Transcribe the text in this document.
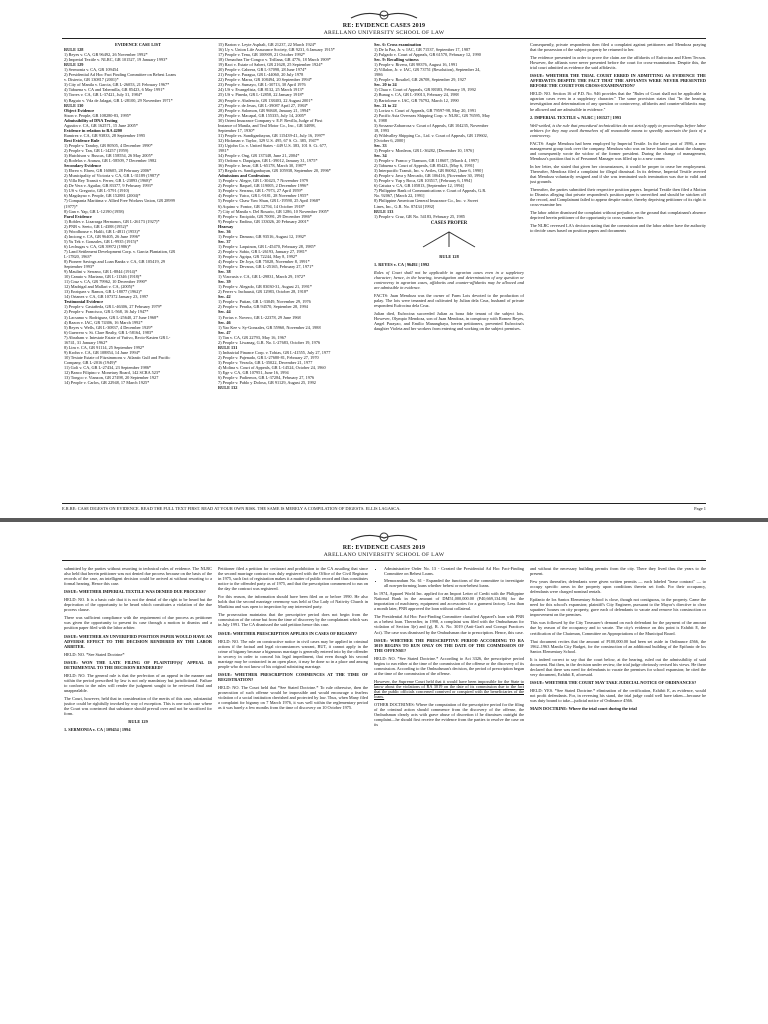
RE: EVIDENCE CASES 2019
ARELLANO UNIVERSITY SCHOOL OF LAW
EVIDENCE CASE LIST
RULE 128
1) Reyes v. CA, GR 96492, 26 November 1992*
2) Imperial Textile v. NLRC, GR 101527, 19 January 1993*
RULE 129
1) Sermonia v. CA, GR 109454
2) Presidential Ad Hoc Fact Finding Committee on Behest Loans
v. Disierto, GR 130817 (2001)*
3) City of Manila v. Garcia, GR L-26053, 21 February 1967*
4) Tabuena v. CA and Tabernilla, GR 85423, 6 May 1991*
5) Torres v. CA, GR L-37421, July 31, 1984*
6) Baguio v. Vda de Jalagat, GR L-28100, 29 November 1971*
RULE 130
Object Evidence
Sison v. People, GR 108280-83, 1995*
Admissibility of DNA Testing
Agustin v. CA, GR 162571, 15 June 2005*
Evidence in relation to RA 4200
Ramirez v. CA, GR 93833, 28 September 1995
Best Evidence Rule
1) People v. Tandoy, GR 80505, 4 December 1990*
2) People v. Tan, GR L-14257 (1959)
3) Hutchison v. Buscas, GR 158554, 26 May 2005*
4) Rodelas v. Aranza, GR L-58509, 7 December 1982
Secondary Evidence
1) Ebreo v. Ebreo, GR 160605, 28 February 2006*
2) Municipality of Victoria v. CA, GR L-31189 (1987)*
3) Villa Rey Transit v. Ferrer, GR L-23893 (1968)*
4) De Vera v. Aguilar, GR 83377, 9 February 1993*
5) US v. Gregorio, GR L-5791 (1910)
6) Magdayao v. People, GR 152881 (2004)*
7) Compania Maritima v. Allied Free Workers Union, GR 28999
(1977)*
8) Gan v. Yap, GR L-12190 (1958)
Parol Evidence
1) Robles v. Lizarraga Hermanos, GR L-26173 (1927)*
2) PNB v. Seeto, GR L-4388 (1952)*
3) Woodhouse v. Halili, GR L-4811 (1953)*
4) Inciong v. CA, GR 96405, 26 June 1996*
5) Yu Tek v. Gonzales, GR L-9935 (1915)*
6) Lechugas v. CA, GR 39972 (1986)*
7) Land Settlement Development Corp. v. Garcia Plantation, GR
L-17820, 1963*
8) Pioneer Savings and Loan Banks v. CA, GR 105419, 29
September 1993*
9) Maulini v. Serrano, GR L-8844 (1914)*
10) Canuto v. Mariano, GR L-11346 (1918)*
11) Cruz v. CA, GR 79962, 10 December 1990*
12) Madrigal and Mallari v. CA, (2005)*
13) Enriquez v. Ramos, GR L-18077 (1962)*
14) Ortanez v. CA, GR 107372 January 23, 1997
Testimonial Evidence
1) People v. Castañeda, GR L-46306, 27 February 1979*
2) People v. Francisco, GR L-568, 16 July 1947*
3) Lacsamo v. Rodriguez, GR L-25640, 27 June 1968*
4) Razon v. IAC, GR 74306, 16 March 1992*
5) Reyes v. Wells, GR L-30837, 4 December 1929*
6) Guerrero v. St. Clare Realty, GR L-58164, 1983*
7) Abraham v. Intestate Estate of Yutivo, Recto-Kasten GR L-
16741, 31 January 1962*
8) Lim v. CA, GR 91114, 25 September 1992*
9) Krohn v. CA, GR 108854, 14 June 1994*
10) Testate Estate of Fitzsimmons v. Atlantic Gulf and Pacific
Company, GR L-2016 (1949)*
11) Goli v. CA, GR L-27434, 23 September 1986*
12) Banco Filipino v. Monetary Board, 142 SCRA 523*
13) Tongco v. Vianzon, GR 27498, 20 September 1927
14) People v. Carlos, GR 22948, 17 March 1925*
15) Barton v. Leyte Asphalt, GR 21237, 22 March 1924*
16) Uy v. Union Life Assurance Society, GR 9231, 6 January 1915*
17) People v. Tena, GR 100909, 21 October 1992*
18) Ormachea Tin-Congco v. Trillana, GR 4776, 18 March 1909*
19) Ract v. Estate of Sabert, GR 21628, 25 September 1924*
20) People v. Cabrera, GR L-37098, 28 June 1974*
21) People v. Paragsa, GR L-44060, 20 July 1978
22) People v. Marra, GR 108494, 20 September 1994*
23) People v. Sumayo, GR L-30713, 30 April 1976
24) US v. Evangelista, GR 8132, 25 March 1913*
25) US v. Pineda, GR L-12858, 22 January 1918*
26) People v. Abalencio, GR 138403, 22 August 2001*
27) People v. de Jesus, GR L-39087 April 27, 1984*
28) People v. Salomon, GR 96848, January 21, 1994*
29) People v. Macapal, GR 155335, July 14, 2005*
30) Orient Insurance Company v. E.P. Revilla, Judge of First
Instance of Manila, and Teal Motor Co., Inc., GR 34098,
September 17, 1930*
31) People vs. Sandiganbayan, GR 115439-41, July 16, 1997*
32) Hickman v. Taylor, 329 U.S. 495, 67 S. Ct. 385, 1947*
33) Upjohn Co. v. United States - 449 U.S. 383, 101 S. Ct. 677,
1981*
34) People v. Ong, GR 137348, June 21, 2004*
35) Ordono v. Daquigan, GR L-39012, January 31, 1975*
36) People v. Invar, GR L-65178, March 30, 1987*
37) Regala vs. Sandiganbayan, GR 105938, September 20, 1996*
Admissions and Confessions
1) People v. Alegre, GR L-30423, 7 November 1979
2) People v. Raquel, GR 119005, 2 December 1996*
3) People v. Serrano, GR L-7973, 27 April 1959*
4) People v. Yatco, GR L-9181, 28 November 1955*
5) People v. Chaw Yaw Shun, GR L-19590, 25 April 1968*
6) Aquino v. Fontor, GR 12794, 14 October 1918*
7) City of Manila v. Del Rosario, GR 1286, 10 November 1905*
8) People v. Encipido, GR 70091, 29 December 1986*
9) People v. Endino, GR 133026, 20 February 2001*
Hearsay
Sec. 36
1) People v. Damaso, GR 93516, August 12, 1992*
Sec. 37
1) People v. Laquinon, GR L-45470, February 28, 1985*
2) People v. Sabio, GR L-26193, January 27, 1981*
3) People v. Agripa, GR 72244, May 8, 1992*
4) People v. De Joya, GR 75028, November 8, 1991*
5) People v. Devaras, GR L-25165, February 27, 1971*
Sec. 38
1) Viacrusis v. CA, GR L-29831, March 29, 1972*
Sec. 39
1) People v. Alegado, GR 83030-31, August 21, 1991*
2) Ferrer v. Inchausti, GR 12983, October 28, 1918*
Sec. 42
1) People v. Putian, GR L-33049, November 29, 1976
2) People v. Peralta, GR 94570, September 28, 1994
Sec. 44
1) Fortus v. Novero, GR L-22378, 29 June 1968
Sec. 46
1) Yao Kee v. Sy-Gonzales, GR 55960, November 24, 1988
Sec. 47
1) Tan v. CA, GR 22793, May 16, 1967
2) People v. Liwanag, G.R. No. L-27683, October 19, 1976
RULE 131
1) Industrial Finance Corp. v. Tobias, GR L-41555, July 27, 1977
2) People v. Pajenado, GR L-27680-81, February 27, 1970
3) People v. Verzola, GR L-35022, December 21, 1977
4) Molina v. Court of Appeals, GR L-14524, October 24, 1960
5) Ege v. CA, GR 107951, June 16, 1994
6) People v. Padiernos, GR L-37284, February 27, 1976
7) People v. Pablo y Dolosa, GR 91129, August 25, 1992
RULE 132
Sec. 6: Cross examination
1) De la Paz, Jr. v. IAC, GR 71537, September 17, 1987
2) Fulgado v. Court of Appeals, GR 61570, February 12, 1990
Sec. 9: Recalling witness
1) People v. Rivera, GR 98376, August 16, 1991
2) Villalon, Jr. v. IAC, GR 73751 (Resolution), September 24,
1986
3) People v. Rosaliel, GR 26708, September 29, 1927
Sec. 20 to 24
1) Chua v. Court of Appeals, GR 88383, February 19, 1992
2) Bunag v. CA, GR L-39013, February 24, 1988
3) Bartolome v. IAC, GR 76792, March 12, 1990
Sec. 21 to 22
1) Loriza v. Court of Appeals, GR 79597-98, May 20, 1991
2) Pacific Asia Overseas Shipping Corp. v. NLRC, GR 76595, May
6, 1988
3) Sossano-Zabarrosa v. Court of Appeals, GR 104235, November
18, 1993
4) Wildvalley Shipping Co., Ltd. v. Court of Appeals, GR 119602,
[October 6, 2000]
Sec. 33
1) People v. Monleon, GR L-36282, [December 10, 1976]
Sec. 34
1) People v. Franco y Tiamson, GR 118607, [March 4, 1997]
2) Tabuena v. Court of Appeals, GR 85423, [May 6, 1991]
3) Interpacific Transit, Inc. v. Aviles, GR 86062, [June 6, 1990]
4) People v. Java y Mercado, GR 106416, [November 30, 1994]
5) People v. Yap y Boca, GR 103517, [February 6, 1994]
6) Catuira v. CA, GR 105813, [September 12, 1994]
7) Philippine Bank of Communications v. Court of Appeals, G.R.
No. 92067, [March 22, 1991]
8) Philippine American General Insurance Co., Inc. v. Sweet
Lines, Inc., G.R. No. 87434 [1992]
RULE 133
1) People v. Cruz, GR No. 54183, February 25, 1985
CASES PROPER
RULE 128
1. REYES v. CA | 96492 | 1992

Rules of Court shall not be applicable in agrarian cases even in a suppletory character; hence, in the hearing, investigation and determination of any question or controversy in agrarian cases, affidavits and counter-affidavits may be allowed and are admissible in evidence.

FACTS: Juan Mendoza was the owner of Farm Lots devoted to the production of palay. The lots were tenanted and cultivated by Julian dela Cruz, husband of private respondent Eufrocina dela Cruz.

Julian died, Eufrocina succeeded Julian as bona fide tenant of the subject lots. However, Olympio Mendoza, son of Juan Mendoza, in conspiracy with Romeo Reyes, Angel Parayao, and Emilio Manangbaya, herein petitioners, prevented Eufrocina's daughter Violeta and her workers from entering and working on the subject premises.

Consequently, private respondents then filed a complaint against petitioners and Mendoza praying that the possession of the subject property be returned to her.

The evidence presented in order to prove the claim are the affidavits of Eufrocina and Efren Tecson. However, the affiants were never presented before the court for cross-examination. Despite this, the trial court admitted as evidence the said affidavits.

ISSUE: WHETHER THE TRIAL COURT ERRED IN ADMITTING AS EVIDENCE THE AFFIDAVITS DESPITE THE FACT THAT THE AFFIANTS WERE NEVER PRESENTED BEFORE THE COURT FOR CROSS-EXAMINATION?

HELD: NO. Section 16 of P.D. No. 946 provides that the "Rules of Court shall not be applicable in agrarian cases even in a suppletory character." The same provision states that "In the hearing, investigation and determination of any question or controversy, affidavits and counter-affidavits may be allowed and are admissible in evidence."

2. IMPERIAL TEXTILE v. NLRC | 101527 | 1993

Well-settled, is the rule that procedural technicalities do not strictly apply to proceedings before labor arbiters for they may avail themselves of all reasonable means to speedily ascertain the facts of a controversy.

FACTS: Angie Mendoza had been employed by Imperial Textile. In the latter part of 1986, a new management group took over the company. Mendoza who was on leave found out about the changes and consequently wrote the widow of the former president. During the change of management, Mendoza's position that is of Personnel Manager was filled up to a new comer.

In her letter, she stated that given her circumstances, it would be proper to cease her employment. Thereafter, Mendoza filed a complaint for illegal dismissal. In its defense, Imperial Textile averred that Mendoza voluntarily resigned and if she was terminated such termination was due to valid and just grounds.

Thereafter, the parties submitted their respective position papers. Imperial Textile then filed a Motion to Dismiss alleging that private respondent's position paper is unverified and should be stricken off the record, and Complainant failed to appear despite notice, thereby depriving petitioner of its right to cross-examine her.

The labor arbiter dismissed the complaint without prejudice, on the ground that complainant's absence deprived herein petitioner of the opportunity to cross examine her.

The NLRC reversed LA's decision stating that the commission and the labor arbiter have the authority to decide cases based on position papers and documents

E.R.RE: CASE DIGESTS ON EVIDENCE. READ THE FULL TEXT FIRST. READ AT YOUR OWN RISK. THE SAME IS MERELY A COMPILATION OF DIGESTS. ELLIS LAGASCA.	Page 1
RE: EVIDENCE CASES 2019
ARELLANO UNIVERSITY SCHOOL OF LAW

submitted by the parties without resorting to technical rules of evidence. The NLRC also held that herein petitioner was not denied due process because on the basis of the records of the case, an intelligent decision could be arrived at without resorting to a formal hearing. Hence this case.

ISSUE: WHETHER IMPERIAL TEXTILE WAS DENIED DUE PROCESS?

HELD: NO. It is a basic rule that it is not the denial of the right to be heard but the deprivation of the opportunity to be heard which constitutes a violation of the due process clause.

There was sufficient compliance with the requirement of due process as petitioner was given the opportunity to present its case through a motion to dismiss and a position paper filed with the labor arbiter.

ISSUE: WHETHER AN UNVERIFIED POSITION PAPER WOULD HAVE AN ADVERSE EFFECT TO THE DECISION RENDERED BY THE LABOR ARBITER.

HELD: NO. *See Stated Doctrine*

ISSUE: WON THE LATE FILING OF PLAINTIFF(S)' APPEAL IS DETRIMENTAL TO THE DECISION RENDERED?

HELD: NO. The general rule is that the perfection of an appeal in the manner and within the period prescribed by law is not only mandatory but jurisdictional. Failure to conform to the rules will render the judgment sought to be reviewed final and unappealable.

The Court, however, held that in consideration of the merits of this case, substantial justice could be rightfully invoked by way of exception. This is one such case where the Court was convinced that substance should prevail over and not be sacrificed for form.

RULE 129

1. SERMONIA v. CA | 109454 | 1994

Petitioner filed a petition for certiorari and prohibition to the CA assailing that since the second marriage contract was duly registered with the Office of the Civil Registrar in 1975, such fact of registration makes it a matter of public record and thus constitutes notice to the offended party as of 1975, and that the prescription commenced to run on the day the contract was registered.

For this reason, the information should have been filed on or before 1990. He also holds that the second marriage ceremony was held at Our Lady of Nativity Church in Marikina and was open to inspection by any interested party.

The prosecution maintains that the prescriptive period does not begin from the commission of the crime but from the time of discovery by the complainant which was in July 1991. The CA dismissed the said petition hence this case.

ISSUE: WHETHER PRESCRIPTION APPLIES IN CASES OF BIGAMY?

HELD: NO. The rule on constructive notice in civil cases may be applied in criminal actions if the factual and legal circumstances warrant, BUT, it cannot apply in the crime of bigamy because a bigamous marriage is generally entered into by the offender in secrecy in order to conceal his legal impediment, that even though his second marriage may be contracted in an open place, it may be done so in a place and among people who do not know of his original subsisting marriage.

ISSUE: WHETHER PRESCRIPTION COMMENCES AT THE TIME OF REGISTRATION?

HELD: NO. The Court held that *See Stated Doctrine.* To rule otherwise, then the prosecution of such offense would be impossible and would encourage a fearless violation of a social institution cherished and protected by law. Thus, when Many filed a complaint for bigamy on 7 March 1976, it was well within the reglementary period as it was barely a few months from the time of discovery on 10 October 1975.

• Administrative Order No. 13 - Created the Presidential Ad Hoc Fact-Finding Committee on Behest Loans.
• Memorandum No. 61 - Expanded the functions of the committee to investigate all non-performing loans whether behest or non-behest loans.

In 1974, Apparel World Inc. applied for an Import Letter of Credit with the Philippine National Bank in the amount of DM51,000,000.00 (P40,669,134.86) for the importation of machinery, equipment and accessories for a garment factory. Less than a month later, PNB approved the loan without collateral.

The Presidential Ad Hoc Fact-Finding Committee classified Apparel's loan with PNB as a behest loan. Thereafter, in 1998, a complaint was filed with the Ombudsman for violation of Section 3(e) and (g), R. A. No. 3019 (Anti-Graft and Corrupt Practices Act). The case was dismissed by the Ombudsman due to prescription. Hence, this case.

ISSUE: WHETHER THE PRESCRIPTIVE PERIOD ACCORDING TO RA 3019 BEGINS TO RUN ONLY ON THE DATE OF THE COMMISSION OF THE OFFENSE?

HELD: NO. *See Stated Doctrine.* According to Act 3326, the prescriptive period begins to run either at the time of the commission of the offense or the discovery of its commission. According to the Ombudsman's decision, the period of prescription began at the time of the commission of the offense.

However, the Supreme Court held that it would have been impossible for the State to know about the violations of RA 3019 on the date of its commission due to the fact that the public officials concerned connived or conspired with the beneficiaries of the loans.

OTHER DOCTRINES: Where the computation of the prescriptive period for the filing of the criminal action should commence from the discovery of the offense, the Ombudsman clearly acts with grave abuse of discretion if he dismisses outright the complaint—he should first receive the evidence from the parties to resolve the case on its

and without the necessary building permits from the city. There they lived thru the years to the present.

Few years thereafter, defendants were given written permits — each labeled "lease contract" — to occupy specific areas in the property upon conditions therein set forth. For their occupancy, defendants were charged nominal rentals.

Epifanio de los Santos Elementary School is close, though not contiguous, to the property. Came the need for this school's expansion; plaintiff's City Engineer, pursuant to the Mayor's directive to clear squatters' houses on city property, gave each of defendants to vacate and remove his construction or improvement on the premises.

This was followed by the City Treasurer's demand on each defendant for the payment of the amount due by reason of the occupancy and to vacate. The city's evidence on this point is Exhibit E, the certification of the Chairman, Committee on Appropriations of the Municipal Board.

That document recites that the amount of P100,000.00 had been set aside in Ordinance 4566, the 1962–1963 Manila City Budget, for the construction of an additional building of the Epifanio de los Santos Elementary School.

It is indeed correct to say that the court below, at the hearing, ruled out the admissibility of said document. But then, in the decision under review, the trial judge obviously revised his views. He there declared that there was need for defendants to vacate the premises for school expansion; he cited the very document, Exhibit E, aforesaid.

ISSUE: WHETHER THE COURT MAY TAKE JUDICIAL NOTICE OF ORDINANCES?

HELD: YES. *See Stated Doctrine.* elimination of the certification, Exhibit E, as evidence, would not profit defendants. For, in reversing his stand, the trial judge could well have taken—because he was duty bound to take—judicial notice of Ordinance 4566.

MAIN DOCTRINE: Where the trial court during the trial
